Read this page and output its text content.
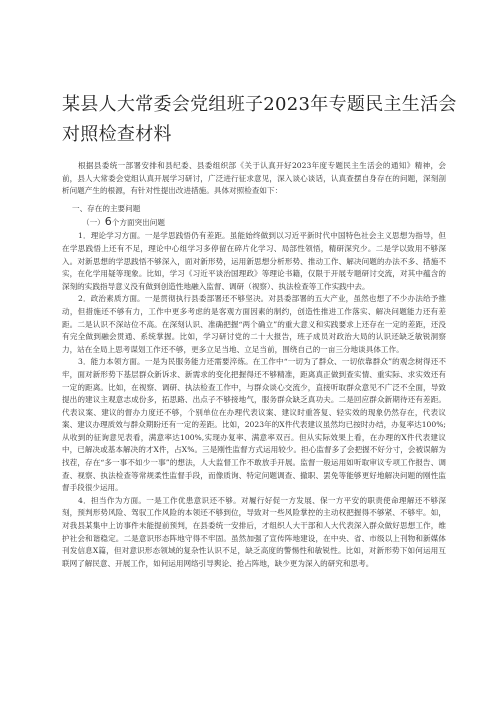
某县人大常委会党组班子2023年专题民主生活会对照检查材料

根据县委统一部署安排和县纪委、县委组织部《关于认真开好2023年度专题民主生活会的通知》精神，会前，县人大常委会党组认真开展学习研讨，广泛进行征求意见，深入谈心谈话，认真查摆自身存在的问题，深刻剖析问题产生的根源，有针对性提出改进措施。具体对照检查如下：

一、存在的主要问题

（一）6个方面突出问题

1．理论学习方面。一是学思践悟仍有差距。虽能始终做到以习近平新时代中国特色社会主义思想为指导，但在学思践悟上还有不足，理论中心组学习多停留在碎片化学习、局部性领悟，精研深究少。二是学以致用不够深入。对新思想的学思践悟不够深入，面对新形势，运用新思想分析形势、推动工作、解决问题的办法不多、措施不实，在化学用疑等现象。比如，学习《习近平谈治国理政》等理论书籍，仅限于开展专题研讨交流，对其中蕴含的深刻的实践指导意义没有做到创造性地融入监督、调研（视察）、执法检查等工作实践中去。

2．政治素质方面。一是贯彻执行县委部署还不够坚决。对县委部署的五大产业，虽然也想了不少办法给予推动，但措施还不够有力，工作中更多考虑的是客观方面因素的制约，创造性推进工作落实、解决问题能力还有差距。二是认识不深站位不高。在深刻认识、准确把握“两个确立”的重大意义和实践要求上还存在一定的差距，还没有完全做到融会贯通、系统掌握。比如，学习研讨党的二十大报告，班子成员对政治大局的认识还缺乏敏锐洞察力，站在全局上思考谋划工作还不够，更多立足当地、立足当前，围绕自己的一亩三分地谈具体工作。

3．能力本领方面。一是为民服务能力还需要淬炼。在工作中“一切为了群众、一切依靠群众”的观念树得还不牢，面对新形势下基层群众新诉求、新需求的变化把握得还不够精准，距离真正做到查实情、重实际、求实效还有一定的距离。比如，在视察、调研、执法检查工作中，与群众谈心交流少，直接听取群众意见不广泛不全面，导致提出的建议主观意志成份多，拓思路、出点子不够接地气，服务群众缺乏真功夫。二是回应群众新期待还有差距。代表议案、建议的督办力度还不够，个别单位在办理代表议案、建议时重答复、轻实效的现象仍然存在，代表议案、建议办理质效与群众期盼还有一定的差距。比如，2023年的X件代表建议虽然均已按时办结，办复率达100%;从收到的征询意见表看，满意率达100%,实现办复率、满意率双百。但从实际效果上看，在办理的X件代表建议中，已解决或基本解决的才X件，占X%。三是刚性监督方式运用较少。担心监督多了会把握不好分寸，会被误解为找茬，存在“多一事不如少一事”的想法，人大监督工作不敢放手开展。监督一般运用如听取审议专项工作报告、调查、视察、执法检查等常规柔性监督手段，而像质询、特定问题调查、撤职、罢免等能够更好地解决问题的刚性监督手段很少运用。

4．担当作为方面。一是工作优患意识还不够。对履行好促一方发展、保一方平安的职责使命理解还不够深刻，预判形势风险、驾驭工作风险的本领还不够到位，导致对一些风险掌控的主动权把握得不够紧、不够牢。如，对我县某集中上访事件未能提前预判，在县委统一安排后，才组织人大干部和人大代表深入群众做好思想工作，维护社会和谐稳定。二是意识形态阵地守得不牢固。虽然加强了宣传阵地建设，在中央、省、市级以上刊物和新媒体刊发信息X篇，但对意识形态领域的复杂性认识不足，缺乏高度的警惕性和敏锐性。比如，对新形势下如何运用互联网了解民意、开展工作，如何运用网络引导舆论、抢占阵地，缺少更为深入的研究和思考。
